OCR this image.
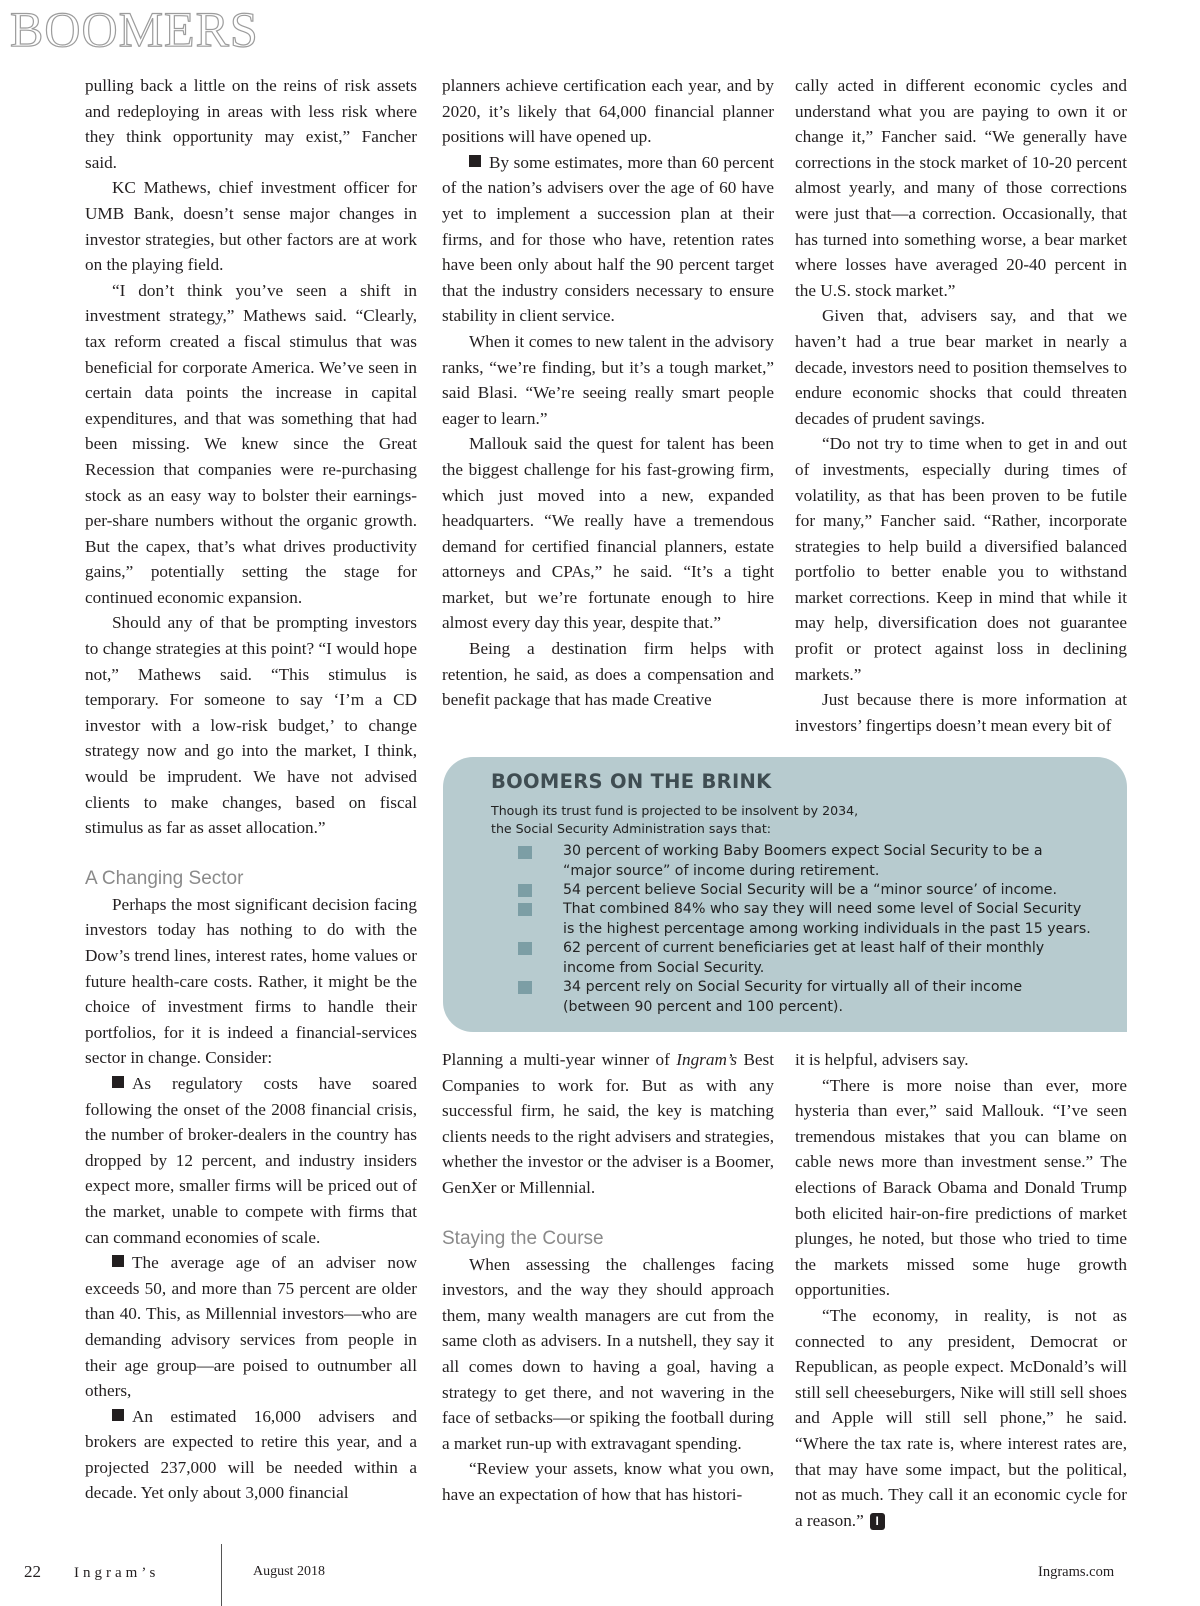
BOOMERS

pulling back a little on the reins of risk assets and redeploying in areas with less risk where they think opportunity may exist,” Fancher said.

KC Mathews, chief investment officer for UMB Bank, doesn’t sense major changes in investor strategies, but other factors are at work on the playing field.

“I don’t think you’ve seen a shift in investment strategy,” Mathews said. “Clearly, tax reform created a fiscal stimulus that was beneficial for corporate America. We’ve seen in certain data points the increase in capital expenditures, and that was something that had been missing. We knew since the Great Recession that companies were re-purchasing stock as an easy way to bolster their earnings-per-share numbers without the organic growth. But the capex, that’s what drives productivity gains,” potentially setting the stage for continued economic expansion.

Should any of that be prompting investors to change strategies at this point? “I would hope not,” Mathews said. “This stimulus is temporary. For someone to say ‘I’m a CD investor with a low-risk budget,’ to change strategy now and go into the market, I think, would be imprudent. We have not advised clients to make changes, based on fiscal stimulus as far as asset allocation.”

A Changing Sector

Perhaps the most significant decision facing investors today has nothing to do with the Dow’s trend lines, interest rates, home values or future health-care costs. Rather, it might be the choice of investment firms to handle their portfolios, for it is indeed a financial-services sector in change. Consider:

As regulatory costs have soared following the onset of the 2008 financial crisis, the number of broker-dealers in the country has dropped by 12 percent, and industry insiders expect more, smaller firms will be priced out of the market, unable to compete with firms that can command economies of scale.

The average age of an adviser now exceeds 50, and more than 75 percent are older than 40. This, as Millennial investors—who are demanding advisory services from people in their age group—are poised to outnumber all others,

An estimated 16,000 advisers and brokers are expected to retire this year, and a projected 237,000 will be needed within a decade. Yet only about 3,000 financial

planners achieve certification each year, and by 2020, it’s likely that 64,000 financial planner positions will have opened up.

By some estimates, more than 60 percent of the nation’s advisers over the age of 60 have yet to implement a succession plan at their firms, and for those who have, retention rates have been only about half the 90 percent target that the industry considers necessary to ensure stability in client service.

When it comes to new talent in the advisory ranks, “we’re finding, but it’s a tough market,” said Blasi. “We’re seeing really smart people eager to learn.”

Mallouk said the quest for talent has been the biggest challenge for his fast-growing firm, which just moved into a new, expanded headquarters. “We really have a tremendous demand for certified financial planners, estate attorneys and CPAs,” he said. “It’s a tight market, but we’re fortunate enough to hire almost every day this year, despite that.”

Being a destination firm helps with retention, he said, as does a compensation and benefit package that has made Creative

cally acted in different economic cycles and understand what you are paying to own it or change it,” Fancher said. “We generally have corrections in the stock market of 10-20 percent almost yearly, and many of those corrections were just that—a correction. Occasionally, that has turned into something worse, a bear market where losses have averaged 20-40 percent in the U.S. stock market.”

Given that, advisers say, and that we haven’t had a true bear market in nearly a decade, investors need to position themselves to endure economic shocks that could threaten decades of prudent savings.

“Do not try to time when to get in and out of investments, especially during times of volatility, as that has been proven to be futile for many,” Fancher said. “Rather, incorporate strategies to help build a diversified balanced portfolio to better enable you to withstand market corrections. Keep in mind that while it may help, diversification does not guarantee profit or protect against loss in declining markets.”

Just because there is more information at investors’ fingertips doesn’t mean every bit of

BOOMERS ON THE BRINK
Though its trust fund is projected to be insolvent by 2034,
the Social Security Administration says that:
30 percent of working Baby Boomers expect Social Security to be a “major source” of income during retirement.
54 percent believe Social Security will be a “minor source’ of income.
That combined 84% who say they will need some level of Social Security is the highest percentage among working individuals in the past 15 years.
62 percent of current beneficiaries get at least half of their monthly income from Social Security.
34 percent rely on Social Security for virtually all of their income (between 90 percent and 100 percent).

Planning a multi-year winner of Ingram’s Best Companies to work for. But as with any successful firm, he said, the key is matching clients needs to the right advisers and strategies, whether the investor or the adviser is a Boomer, GenXer or Millennial.

Staying the Course

When assessing the challenges facing investors, and the way they should approach them, many wealth managers are cut from the same cloth as advisers. In a nutshell, they say it all comes down to having a goal, having a strategy to get there, and not wavering in the face of setbacks—or spiking the football during a market run-up with extravagant spending.

“Review your assets, know what you own, have an expectation of how that has histori-

it is helpful, advisers say.

“There is more noise than ever, more hysteria than ever,” said Mallouk. “I’ve seen tremendous mistakes that you can blame on cable news more than investment sense.” The elections of Barack Obama and Donald Trump both elicited hair-on-fire predictions of market plunges, he noted, but those who tried to time the markets missed some huge growth opportunities.

“The economy, in reality, is not as connected to any president, Democrat or Republican, as people expect. McDonald’s will still sell cheeseburgers, Nike will still sell shoes and Apple will still sell phone,” he said. “Where the tax rate is, where interest rates are, that may have some impact, but the political, not as much. They call it an economic cycle for a reason.” I

22 Ingram’s	August 2018	Ingrams.com
